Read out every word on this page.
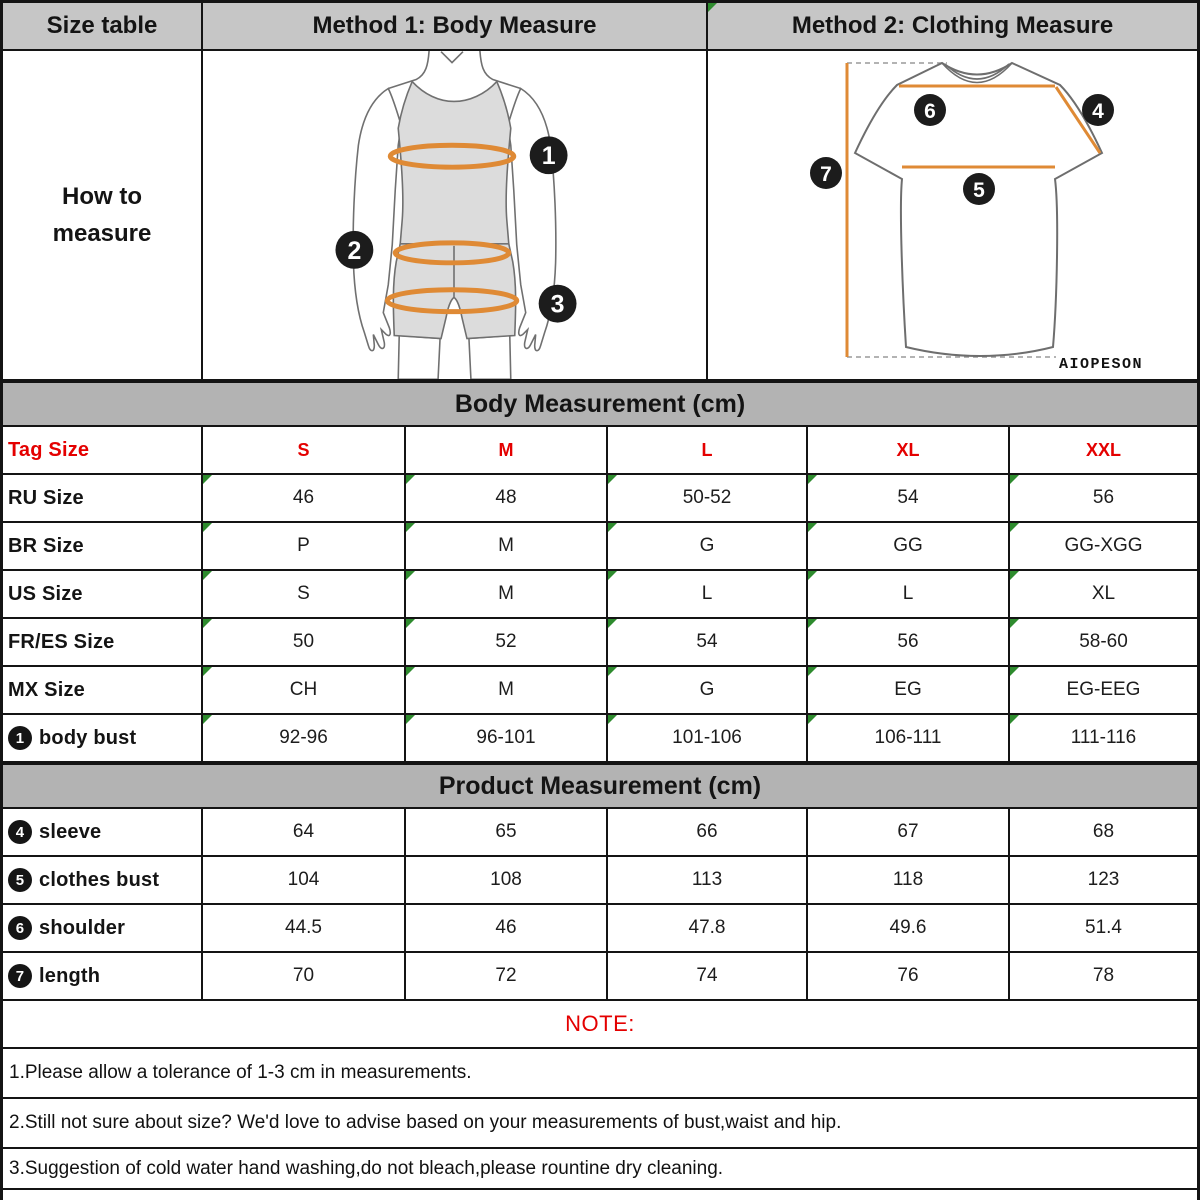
Size table	Method 1: Body Measure	Method 2: Clothing Measure
How to
measure
1
2
3
6	4
7
5
AIOPESON
Body Measurement (cm)
Tag Size	S	M	L	XL	XXL
RU Size	46	48	50-52	54	56
BR Size	P	M	G	GG	GG-XGG
US Size	S	M	L	L	XL
FR/ES Size	50	52	54	56	58-60
MX Size	CH	M	G	EG	EG-EEG
1 body bust	92-96	96-101	101-106	106-111	111-116
Product Measurement (cm)
4 sleeve	64	65	66	67	68
5 clothes bust	104	108	113	118	123
6 shoulder	44.5	46	47.8	49.6	51.4
7 length	70	72	74	76	78
NOTE:
1.Please allow a tolerance of 1-3 cm in measurements.
2.Still not sure about size? We'd love to advise based on your measurements of bust,waist and hip.
3.Suggestion of cold water hand washing,do not bleach,please rountine dry cleaning.
